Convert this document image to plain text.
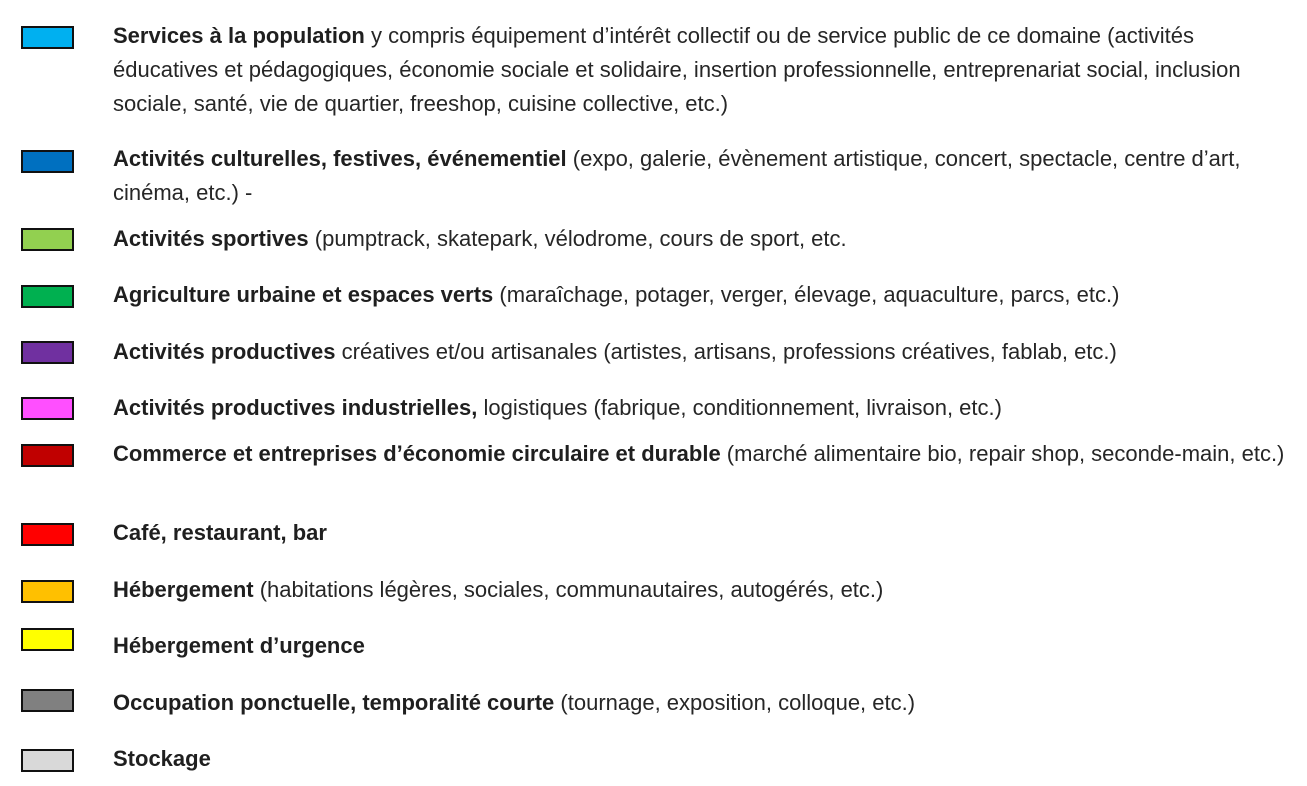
Services à la population y compris équipement d’intérêt collectif ou de service public de ce domaine (activités éducatives et pédagogiques, économie sociale et solidaire, insertion professionnelle, entreprenariat social, inclusion sociale, santé, vie de quartier, freeshop, cuisine collective, etc.)
Activités culturelles, festives, événementiel (expo, galerie, évènement artistique, concert, spectacle, centre d’art, cinéma, etc.) -
Activités sportives (pumptrack, skatepark, vélodrome, cours de sport, etc.
Agriculture urbaine et espaces verts (maraîchage, potager, verger, élevage, aquaculture, parcs, etc.)
Activités productives créatives et/ou artisanales (artistes, artisans, professions créatives, fablab, etc.)
Activités productives industrielles, logistiques (fabrique, conditionnement, livraison, etc.)
Commerce et entreprises d’économie circulaire et durable (marché alimentaire bio, repair shop, seconde-main, etc.)
Café, restaurant, bar
Hébergement (habitations légères, sociales, communautaires, autogérés, etc.)
Hébergement d’urgence
Occupation ponctuelle, temporalité courte (tournage, exposition, colloque, etc.)
Stockage
